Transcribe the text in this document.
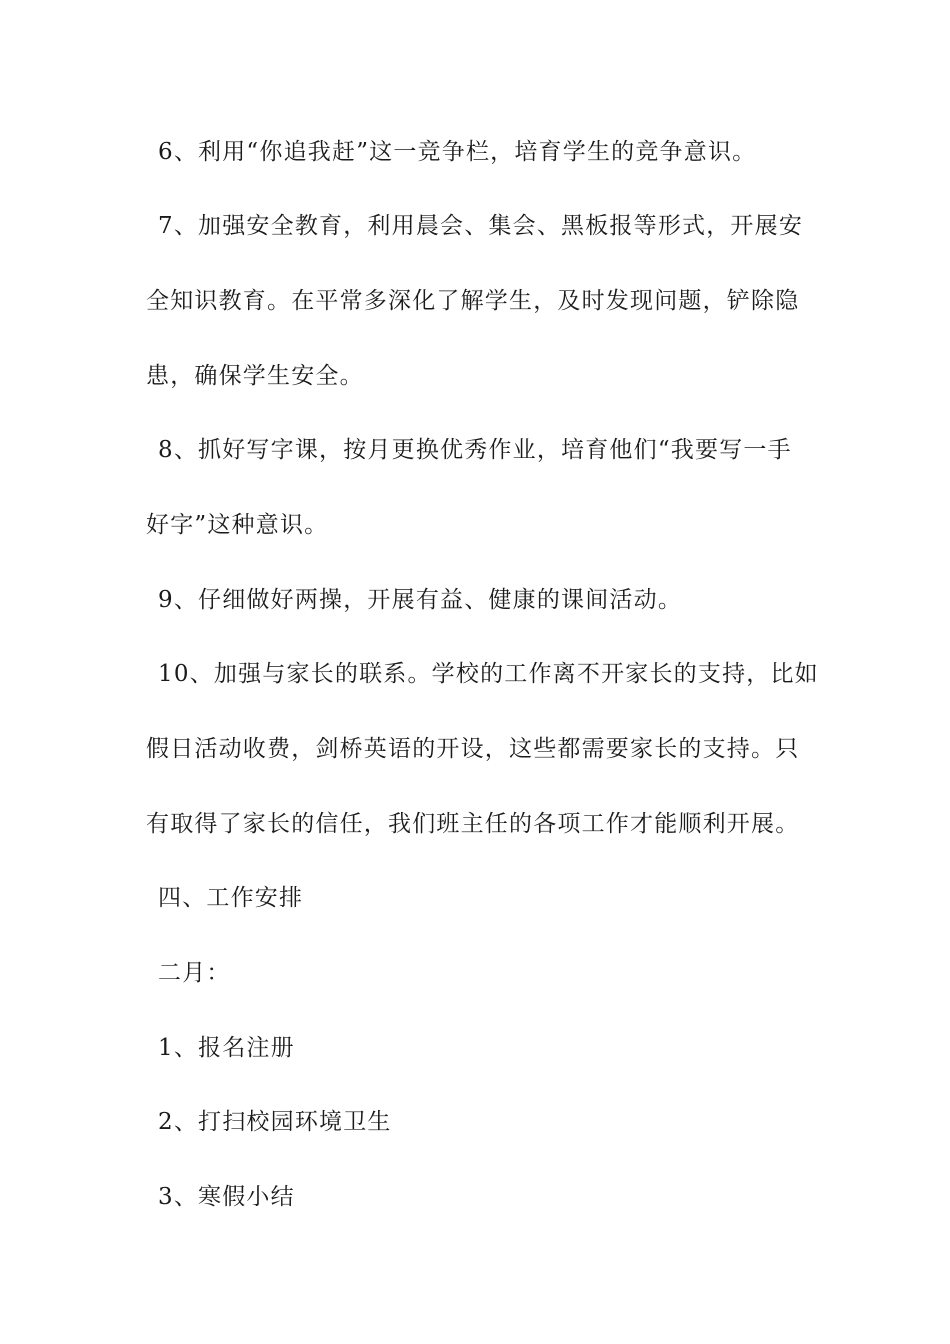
6、利用“你追我赶”这一竞争栏，培育学生的竞争意识。
7、加强安全教育，利用晨会、集会、黑板报等形式，开展安
全知识教育。在平常多深化了解学生，及时发现问题，铲除隐
患，确保学生安全。
8、抓好写字课，按月更换优秀作业，培育他们“我要写一手
好字”这种意识。
9、仔细做好两操，开展有益、健康的课间活动。
10、加强与家长的联系。学校的工作离不开家长的支持，比如
假日活动收费，剑桥英语的开设，这些都需要家长的支持。只
有取得了家长的信任，我们班主任的各项工作才能顺利开展。
四、工作安排
二月：
1、报名注册
2、打扫校园环境卫生
3、寒假小结
